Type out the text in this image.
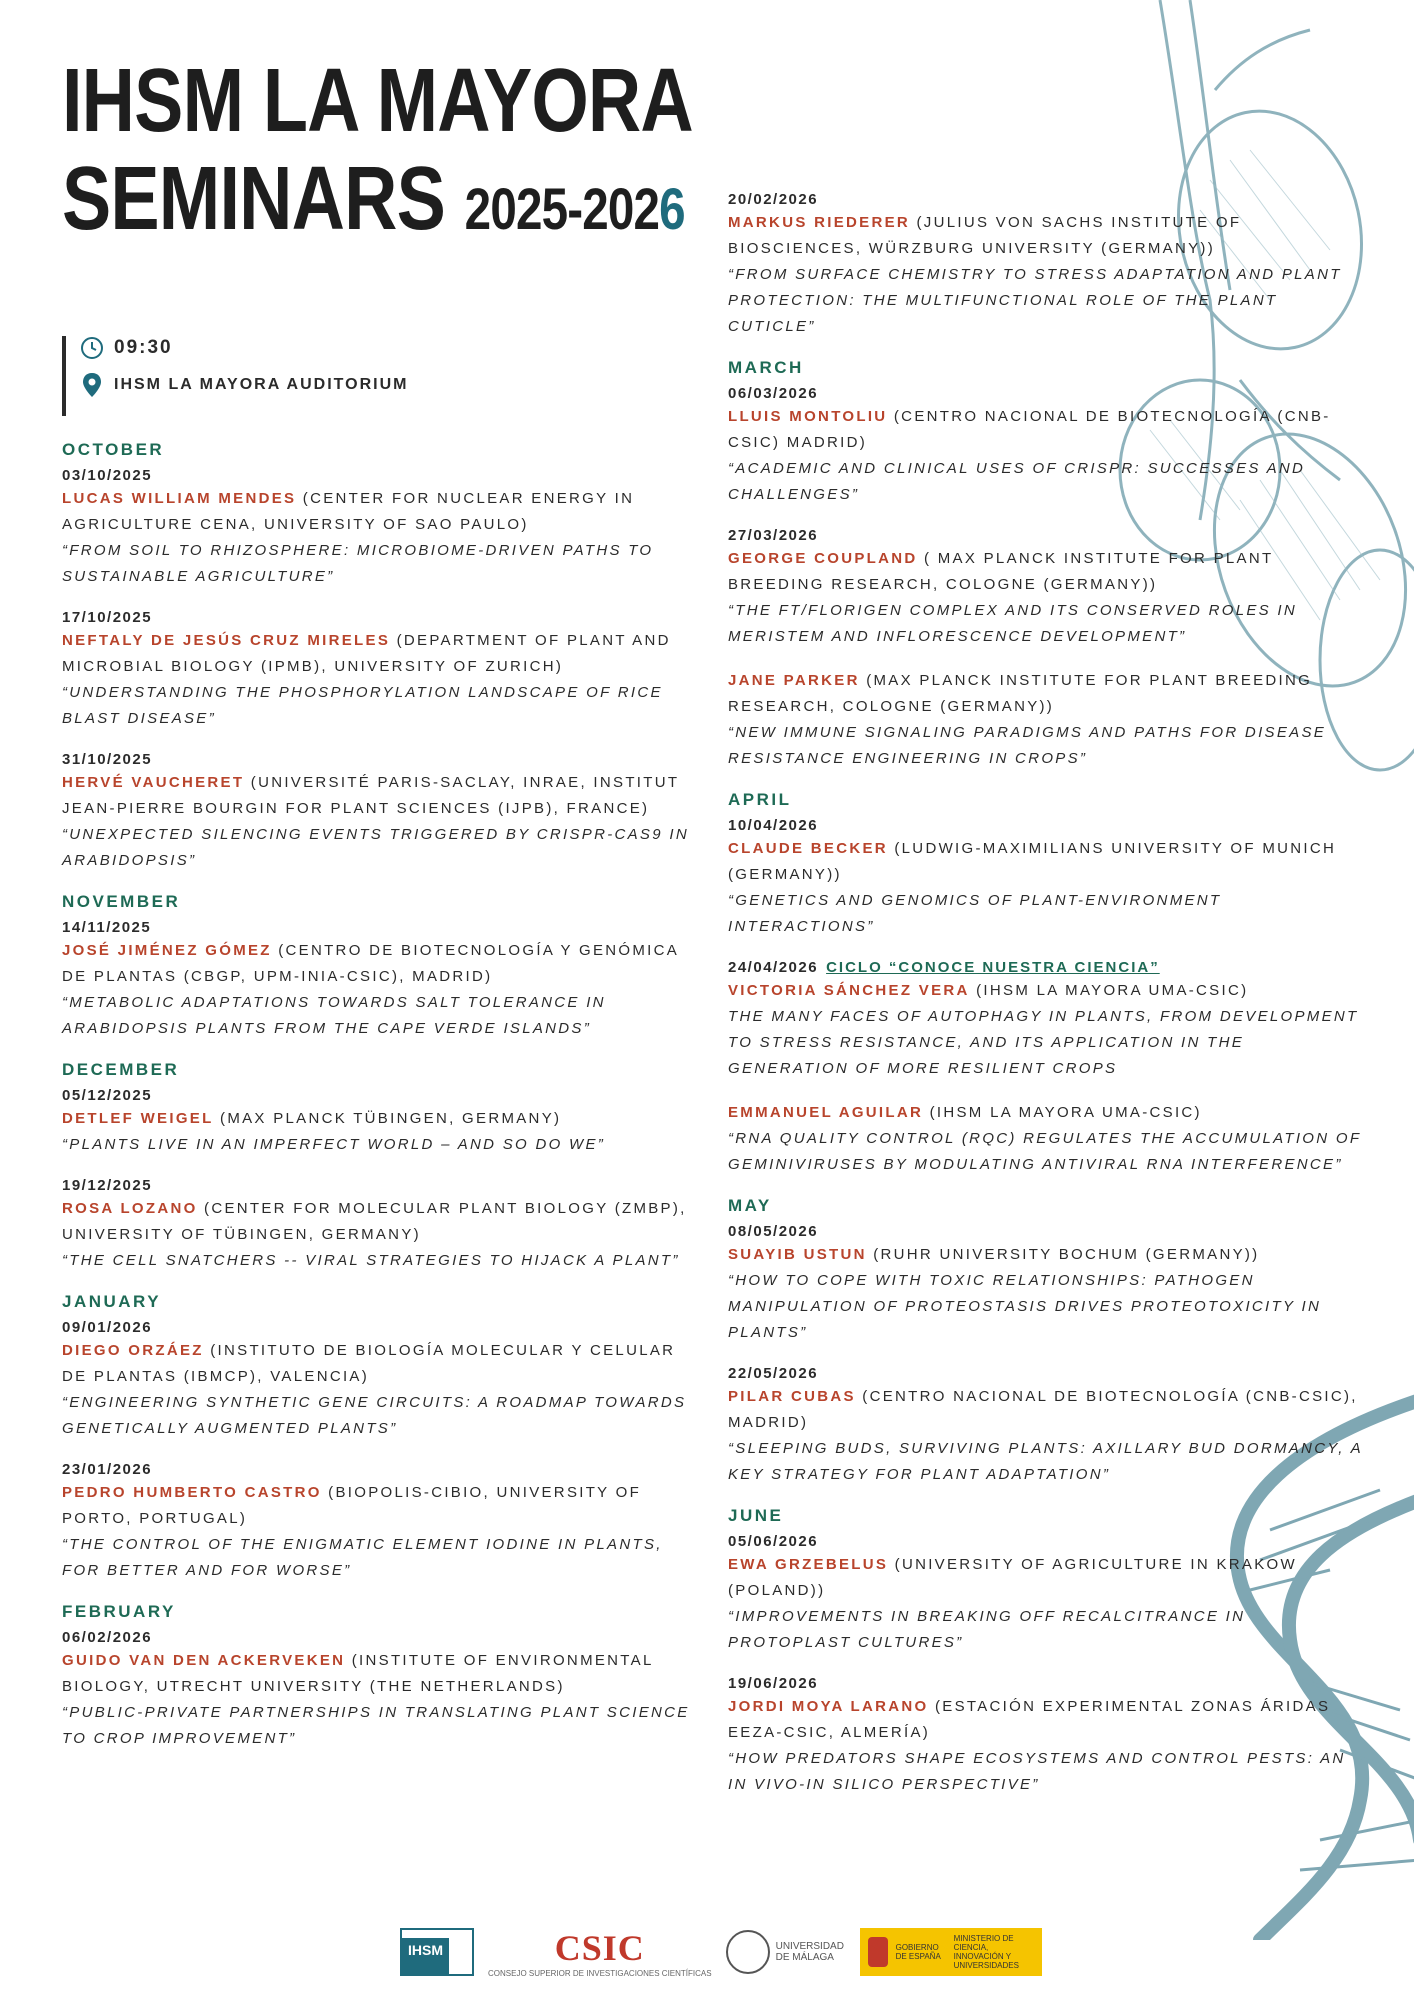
IHSM LA MAYORA
SEMINARS 2025-2026
09:30
IHSM LA MAYORA AUDITORIUM
OCTOBER
03/10/2025
LUCAS WILLIAM MENDES (CENTER FOR NUCLEAR ENERGY IN AGRICULTURE CENA, UNIVERSITY OF SAO PAULO)
“FROM SOIL TO RHIZOSPHERE: MICROBIOME-DRIVEN PATHS TO SUSTAINABLE AGRICULTURE”
17/10/2025
NEFTALY DE JESÚS CRUZ MIRELES (DEPARTMENT OF PLANT AND MICROBIAL BIOLOGY (IPMB), UNIVERSITY OF ZURICH)
“UNDERSTANDING THE PHOSPHORYLATION LANDSCAPE OF RICE BLAST DISEASE”
31/10/2025
HERVÉ VAUCHERET (UNIVERSITÉ PARIS-SACLAY, INRAE, INSTITUT JEAN-PIERRE BOURGIN FOR PLANT SCIENCES (IJPB), FRANCE)
“UNEXPECTED SILENCING EVENTS TRIGGERED BY CRISPR-CAS9 IN ARABIDOPSIS”
NOVEMBER
14/11/2025
JOSÉ JIMÉNEZ GÓMEZ (CENTRO DE BIOTECNOLOGÍA Y GENÓMICA DE PLANTAS (CBGP, UPM-INIA-CSIC), MADRID)
“METABOLIC ADAPTATIONS TOWARDS SALT TOLERANCE IN ARABIDOPSIS PLANTS FROM THE CAPE VERDE ISLANDS”
DECEMBER
05/12/2025
DETLEF WEIGEL (MAX PLANCK TÜBINGEN, GERMANY)
“PLANTS LIVE IN AN IMPERFECT WORLD – AND SO DO WE”
19/12/2025
ROSA LOZANO (CENTER FOR MOLECULAR PLANT BIOLOGY (ZMBP), UNIVERSITY OF TÜBINGEN, GERMANY)
“THE CELL SNATCHERS -- VIRAL STRATEGIES TO HIJACK A PLANT”
JANUARY
09/01/2026
DIEGO ORZÁEZ (INSTITUTO DE BIOLOGÍA MOLECULAR Y CELULAR DE PLANTAS (IBMCP), VALENCIA)
“ENGINEERING SYNTHETIC GENE CIRCUITS: A ROADMAP TOWARDS GENETICALLY AUGMENTED PLANTS”
23/01/2026
PEDRO HUMBERTO CASTRO (BIOPOLIS-CIBIO, UNIVERSITY OF PORTO, PORTUGAL)
“THE CONTROL OF THE ENIGMATIC ELEMENT IODINE IN PLANTS, FOR BETTER AND FOR WORSE”
FEBRUARY
06/02/2026
GUIDO VAN DEN ACKERVEKEN (INSTITUTE OF ENVIRONMENTAL BIOLOGY, UTRECHT UNIVERSITY (THE NETHERLANDS)
“PUBLIC-PRIVATE PARTNERSHIPS IN TRANSLATING PLANT SCIENCE TO CROP IMPROVEMENT”
20/02/2026
MARKUS RIEDERER (JULIUS VON SACHS INSTITUTE OF BIOSCIENCES, WÜRZBURG UNIVERSITY (GERMANY))
“FROM SURFACE CHEMISTRY TO STRESS ADAPTATION AND PLANT PROTECTION: THE MULTIFUNCTIONAL ROLE OF THE PLANT CUTICLE”
MARCH
06/03/2026
LLUIS MONTOLIU (CENTRO NACIONAL DE BIOTECNOLOGÍA (CNB-CSIC) MADRID)
“ACADEMIC AND CLINICAL USES OF CRISPR: SUCCESSES AND CHALLENGES”
27/03/2026
GEORGE COUPLAND ( MAX PLANCK INSTITUTE FOR PLANT BREEDING RESEARCH, COLOGNE (GERMANY))
“THE FT/FLORIGEN COMPLEX AND ITS CONSERVED ROLES IN MERISTEM AND INFLORESCENCE DEVELOPMENT”
JANE PARKER (MAX PLANCK INSTITUTE FOR PLANT BREEDING RESEARCH, COLOGNE (GERMANY))
“NEW IMMUNE SIGNALING PARADIGMS AND PATHS FOR DISEASE RESISTANCE ENGINEERING IN CROPS”
APRIL
10/04/2026
CLAUDE BECKER (LUDWIG-MAXIMILIANS UNIVERSITY OF MUNICH (GERMANY))
“GENETICS AND GENOMICS OF PLANT-ENVIRONMENT INTERACTIONS”
24/04/2026 CICLO “CONOCE NUESTRA CIENCIA”
VICTORIA SÁNCHEZ VERA (IHSM LA MAYORA UMA-CSIC)
THE MANY FACES OF AUTOPHAGY IN PLANTS, FROM DEVELOPMENT TO STRESS RESISTANCE, AND ITS APPLICATION IN THE GENERATION OF MORE RESILIENT CROPS
EMMANUEL AGUILAR (IHSM LA MAYORA UMA-CSIC)
“RNA QUALITY CONTROL (RQC) REGULATES THE ACCUMULATION OF GEMINIVIRUSES BY MODULATING ANTIVIRAL RNA INTERFERENCE”
MAY
08/05/2026
SUAYIB USTUN (RUHR UNIVERSITY BOCHUM (GERMANY))
“HOW TO COPE WITH TOXIC RELATIONSHIPS: PATHOGEN MANIPULATION OF PROTEOSTASIS DRIVES PROTEOTOXICITY IN PLANTS”
22/05/2026
PILAR CUBAS (CENTRO NACIONAL DE BIOTECNOLOGÍA (CNB-CSIC), MADRID)
“SLEEPING BUDS, SURVIVING PLANTS: AXILLARY BUD DORMANCY, A KEY STRATEGY FOR PLANT ADAPTATION”
JUNE
05/06/2026
EWA GRZEBELUS (UNIVERSITY OF AGRICULTURE IN KRAKOW (POLAND))
“IMPROVEMENTS IN BREAKING OFF RECALCITRANCE IN PROTOPLAST CULTURES”
19/06/2026
JORDI MOYA LARANO (ESTACIÓN EXPERIMENTAL ZONAS ÁRIDAS EEZA-CSIC, ALMERÍA)
“HOW PREDATORS SHAPE ECOSYSTEMS AND CONTROL PESTS: AN IN VIVO-IN SILICO PERSPECTIVE”
IHSM	CSIC
CONSEJO SUPERIOR DE INVESTIGACIONES CIENTÍFICAS
UNIVERSIDAD DE MÁLAGA
GOBIERNO DE ESPAÑA
MINISTERIO DE CIENCIA, INNOVACIÓN Y UNIVERSIDADES
